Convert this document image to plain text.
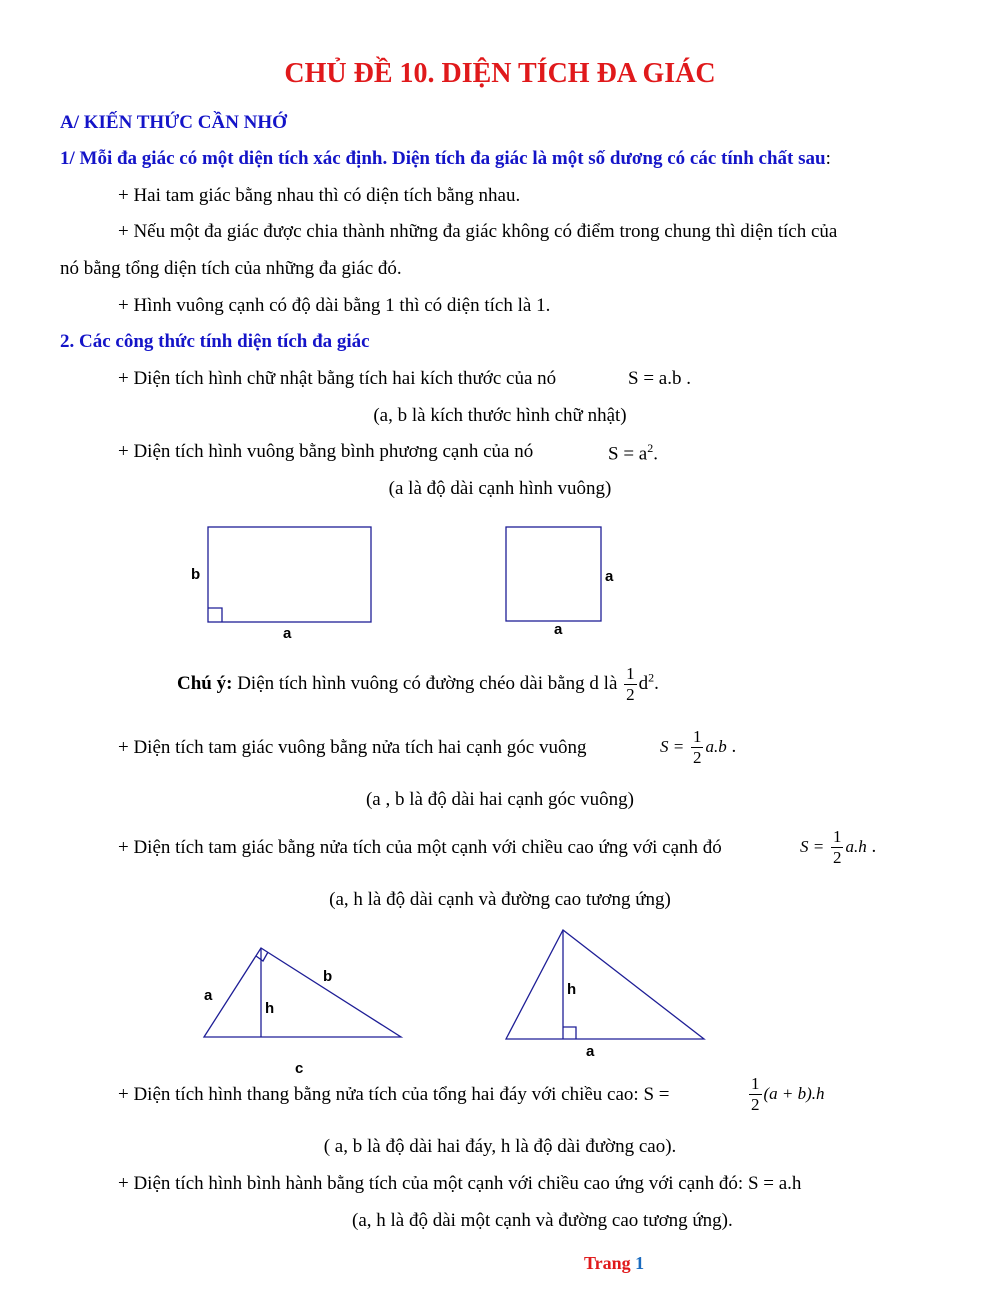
CHỦ ĐỀ 10. DIỆN TÍCH ĐA GIÁC
A/ KIẾN THỨC CẦN NHỚ
1/ Mỗi đa giác có một diện tích xác định. Diện tích đa giác là một số dương có các tính chất sau:
+ Hai tam giác bằng nhau thì có diện tích bằng nhau.
+ Nếu một đa giác được chia thành những đa giác không có điểm trong chung thì diện tích của
nó bằng tổng diện tích của những đa giác đó.
+ Hình vuông cạnh có độ dài bằng 1 thì có diện tích là 1.
2. Các công thức tính diện tích đa giác
+ Diện tích hình chữ nhật bằng tích hai kích thước của nó	S = a.b .
(a, b là kích thước hình chữ nhật)
+ Diện tích hình vuông bằng bình phương cạnh của nó	$S = a^2$.
(a là độ dài cạnh hình vuông)
b
a
a
a
a
b
h
c
h
a
Chú ý: Diện tích hình vuông có đường chéo dài bằng d là $\frac{1}{2} d^2$.
+ Diện tích tam giác vuông bằng nửa tích hai cạnh góc vuông	$S = \frac{1}{2} a.b$ .
(a , b là độ dài hai cạnh góc vuông)
+ Diện tích tam giác bằng nửa tích của một cạnh với chiều cao ứng với cạnh đó	$S = \frac{1}{2} a.h$ .
(a, h là độ dài cạnh và đường cao tương ứng)
+ Diện tích hình thang bằng nửa tích của tổng hai đáy với chiều cao: S =	$\frac{1}{2} (a + b).h$
( a, b là độ dài hai đáy, h là độ dài đường cao).
+ Diện tích hình bình hành bằng tích của một cạnh với chiều cao ứng với cạnh đó: S = a.h
(a, h là độ dài một cạnh và đường cao tương ứng).
Trang 1
